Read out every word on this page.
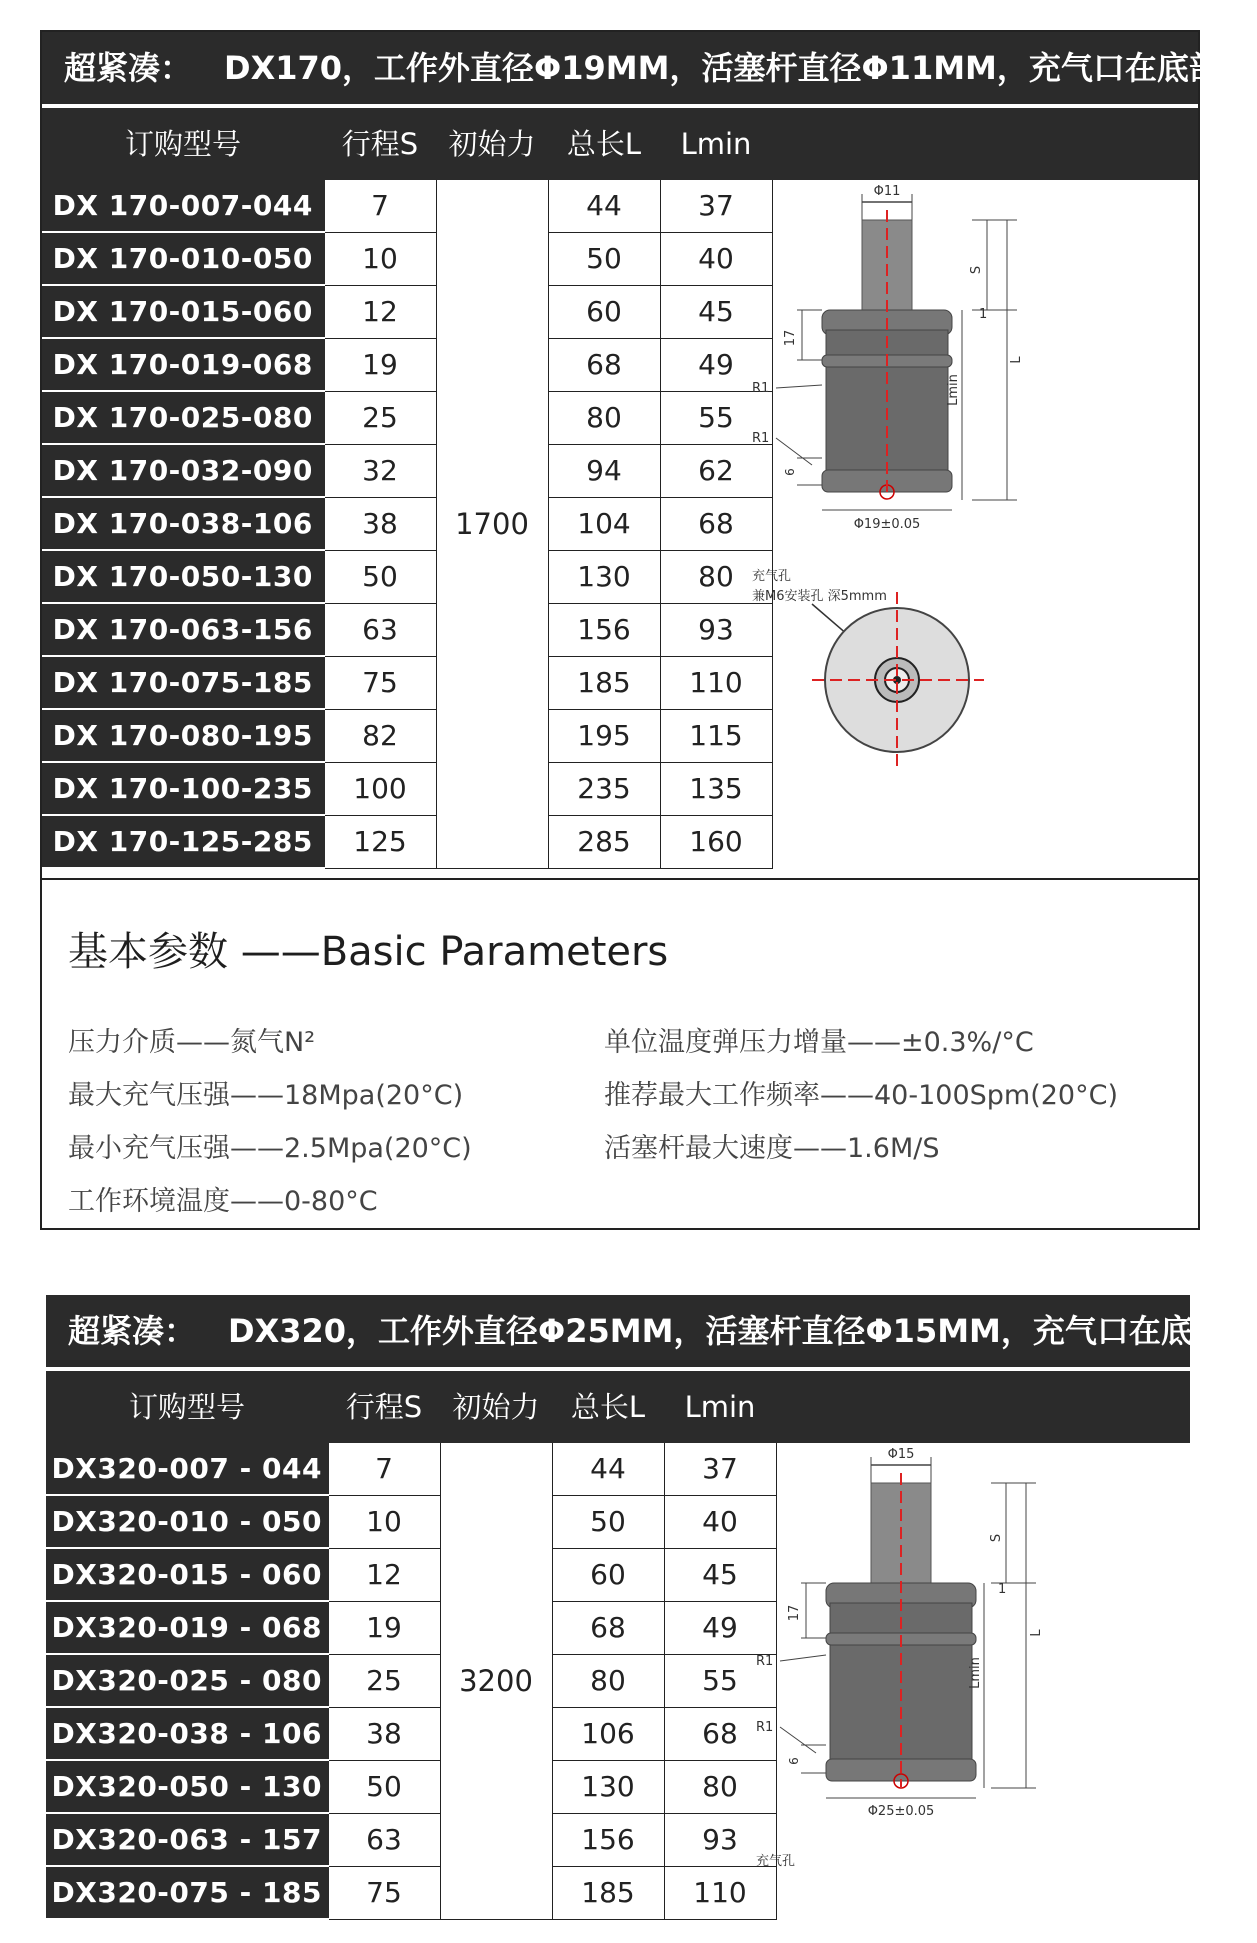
超紧凑： DX170，工作外直径Φ19MM，活塞杆直径Φ11MM，充气口在底部。
订购型号	行程S	初始力	总长L	Lmin
DX 170-007-044	7	1700	44	37
DX 170-010-050	10		50	40
DX 170-015-060	12		60	45
DX 170-019-068	19		68	49
DX 170-025-080	25		80	55
DX 170-032-090	32		94	62
DX 170-038-106	38		104	68
DX 170-050-130	50		130	80
DX 170-063-156	63		156	93
DX 170-075-185	75		185	110
DX 170-080-195	82		195	115
DX 170-100-235	100		235	135
DX 170-125-285	125		285	160
Φ11
S
Lmin
L
1
17
6
R1
R1
Φ19±0.05
充气孔
兼M6安装孔 深5mmm
基本参数 ——Basic Parameters
压力介质——氮气N²
最大充气压强——18Mpa(20°C)
最小充气压强——2.5Mpa(20°C)
工作环境温度——0-80°C
单位温度弹压力增量——±0.3%/°C
推荐最大工作频率——40-100Spm(20°C)
活塞杆最大速度——1.6M/S
超紧凑： DX320，工作外直径Φ25MM，活塞杆直径Φ15MM，充气口在底部。
订购型号	行程S	初始力	总长L	Lmin
DX320-007 - 044	7	3200	44	37
DX320-010 - 050	10		50	40
DX320-015 - 060	12		60	45
DX320-019 - 068	19		68	49
DX320-025 - 080	25		80	55
DX320-038 - 106	38		106	68
DX320-050 - 130	50		130	80
DX320-063 - 157	63		156	93
DX320-075 - 185	75		185	110
Φ15
S
Lmin
L
1
17
6
R1
R1
Φ25±0.05
充气孔
